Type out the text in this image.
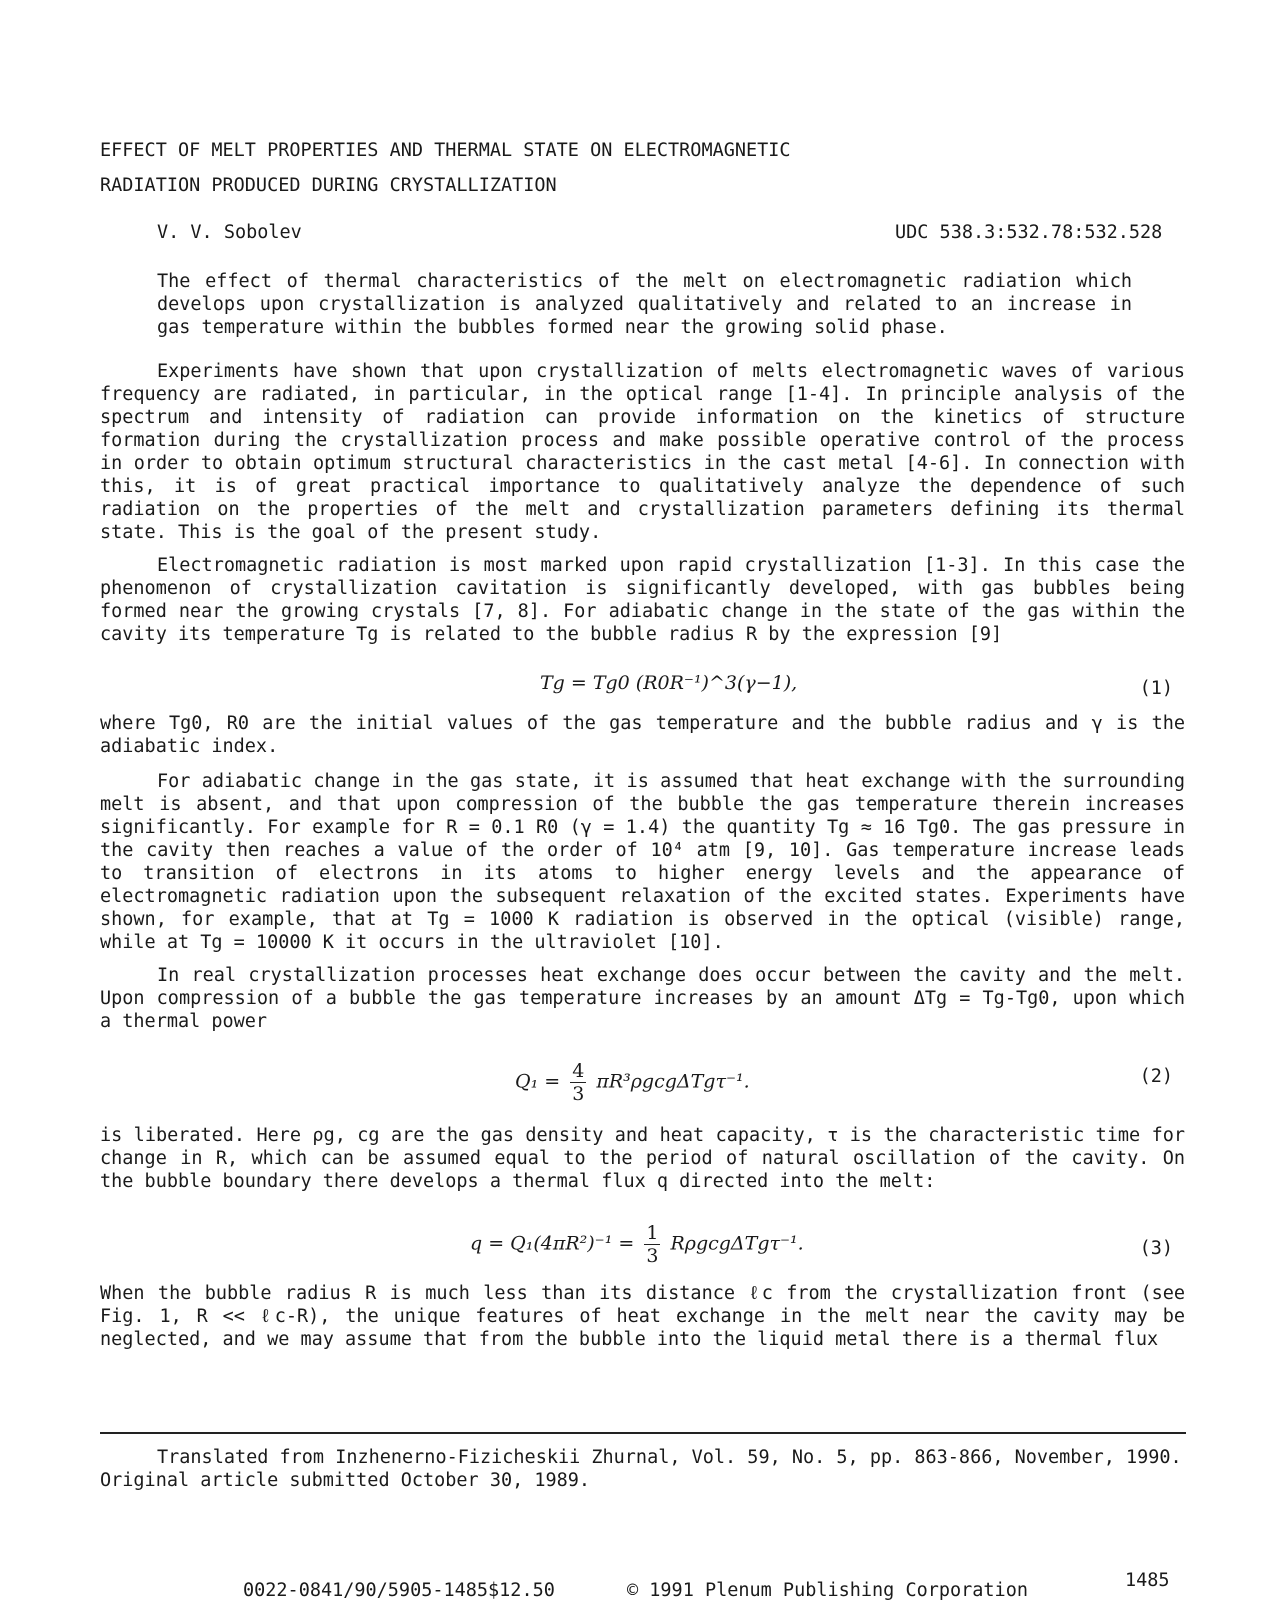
EFFECT OF MELT PROPERTIES AND THERMAL STATE ON ELECTROMAGNETIC
RADIATION PRODUCED DURING CRYSTALLIZATION
V. V. Sobolev	UDC 538.3:532.78:532.528
The effect of thermal characteristics of the melt on electromagnetic radiation which develops upon crystallization is analyzed qualitatively and related to an increase in gas temperature within the bubbles formed near the growing solid phase.
Experiments have shown that upon crystallization of melts electromagnetic waves of various frequency are radiated, in particular, in the optical range [1-4]. In principle analysis of the spectrum and intensity of radiation can provide information on the kinetics of structure formation during the crystallization process and make possible operative control of the process in order to obtain optimum structural characteristics in the cast metal [4-6]. In connection with this, it is of great practical importance to qualitatively analyze the dependence of such radiation on the properties of the melt and crystallization parameters defining its thermal state. This is the goal of the present study.
Electromagnetic radiation is most marked upon rapid crystallization [1-3]. In this case the phenomenon of crystallization cavitation is significantly developed, with gas bubbles being formed near the growing crystals [7, 8]. For adiabatic change in the state of the gas within the cavity its temperature Tg is related to the bubble radius R by the expression [9]
Tg = Tg0 (R0R⁻¹)^3(γ−1),	(1)
where Tg0, R0 are the initial values of the gas temperature and the bubble radius and γ is the adiabatic index.
For adiabatic change in the gas state, it is assumed that heat exchange with the surrounding melt is absent, and that upon compression of the bubble the gas temperature therein increases significantly. For example for R = 0.1 R0 (γ = 1.4) the quantity Tg ≈ 16 Tg0. The gas pressure in the cavity then reaches a value of the order of 10⁴ atm [9, 10]. Gas temperature increase leads to transition of electrons in its atoms to higher energy levels and the appearance of electromagnetic radiation upon the subsequent relaxation of the excited states. Experiments have shown, for example, that at Tg = 1000 K radiation is observed in the optical (visible) range, while at Tg = 10000 K it occurs in the ultraviolet [10].
In real crystallization processes heat exchange does occur between the cavity and the melt. Upon compression of a bubble the gas temperature increases by an amount ΔTg = Tg-Tg0, upon which a thermal power
$Q_1 = \frac{4}{3} \pi R^3\rho gcg\Delta Tg\tau^{-1}$.	(2)
is liberated. Here ρg, cg are the gas density and heat capacity, τ is the characteristic time for change in R, which can be assumed equal to the period of natural oscillation of the cavity. On the bubble boundary there develops a thermal flux q directed into the melt:
$q = Q_1(4\pi R^2)^{-1} = \frac{1}{3} R\rho gcg\Delta Tg\tau^{-1}$.	(3)
When the bubble radius R is much less than its distance ℓc from the crystallization front (see Fig. 1, R << ℓc-R), the unique features of heat exchange in the melt near the cavity may be neglected, and we may assume that from the bubble into the liquid metal there is a thermal flux
Translated from Inzhenerno-Fizicheskii Zhurnal, Vol. 59, No. 5, pp. 863-866, November, 1990. Original article submitted October 30, 1989.
0022-0841/90/5905-1485$12.50	© 1991 Plenum Publishing Corporation	1485
